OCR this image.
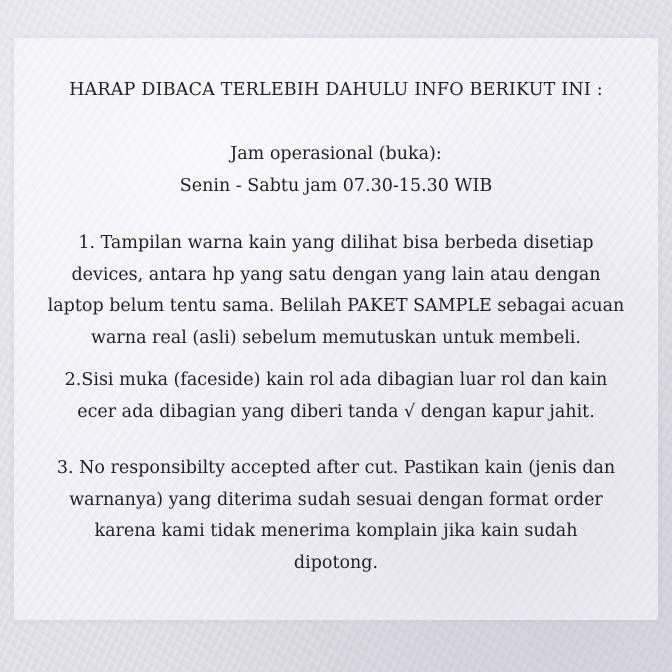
HARAP DIBACA TERLEBIH DAHULU INFO BERIKUT INI :
Jam operasional (buka):
Senin - Sabtu jam 07.30-15.30 WIB
1. Tampilan warna kain yang dilihat bisa berbeda disetiap
devices, antara hp yang satu dengan yang lain atau dengan
laptop belum tentu sama. Belilah PAKET SAMPLE sebagai acuan
warna real (asli) sebelum memutuskan untuk membeli.
2.Sisi muka (faceside) kain rol ada dibagian luar rol dan kain
ecer ada dibagian yang diberi tanda √ dengan kapur jahit.
3. No responsibilty accepted after cut. Pastikan kain (jenis dan
warnanya) yang diterima sudah sesuai dengan format order
karena kami tidak menerima komplain jika kain sudah
dipotong.
